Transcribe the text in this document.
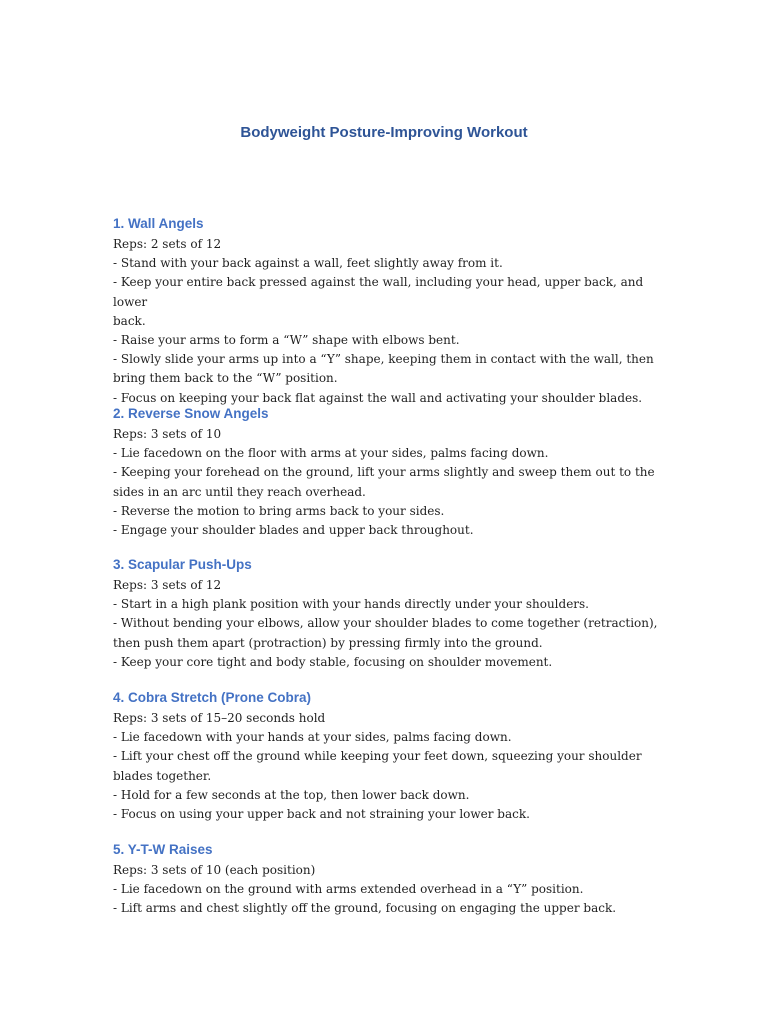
Bodyweight Posture-Improving Workout
1. Wall Angels

Reps: 2 sets of 12

- Stand with your back against a wall, feet slightly away from it.

- Keep your entire back pressed against the wall, including your head, upper back, and lower

back.

- Raise your arms to form a “W” shape with elbows bent.

- Slowly slide your arms up into a “Y” shape, keeping them in contact with the wall, then

bring them back to the “W” position.

- Focus on keeping your back flat against the wall and activating your shoulder blades.

2. Reverse Snow Angels

Reps: 3 sets of 10

- Lie facedown on the floor with arms at your sides, palms facing down.

- Keeping your forehead on the ground, lift your arms slightly and sweep them out to the

sides in an arc until they reach overhead.

- Reverse the motion to bring arms back to your sides.

- Engage your shoulder blades and upper back throughout.

3. Scapular Push-Ups

Reps: 3 sets of 12

- Start in a high plank position with your hands directly under your shoulders.

- Without bending your elbows, allow your shoulder blades to come together (retraction),

then push them apart (protraction) by pressing firmly into the ground.

- Keep your core tight and body stable, focusing on shoulder movement.

4. Cobra Stretch (Prone Cobra)

Reps: 3 sets of 15–20 seconds hold

- Lie facedown with your hands at your sides, palms facing down.

- Lift your chest off the ground while keeping your feet down, squeezing your shoulder

blades together.

- Hold for a few seconds at the top, then lower back down.

- Focus on using your upper back and not straining your lower back.

5. Y-T-W Raises

Reps: 3 sets of 10 (each position)

- Lie facedown on the ground with arms extended overhead in a “Y” position.

- Lift arms and chest slightly off the ground, focusing on engaging the upper back.
